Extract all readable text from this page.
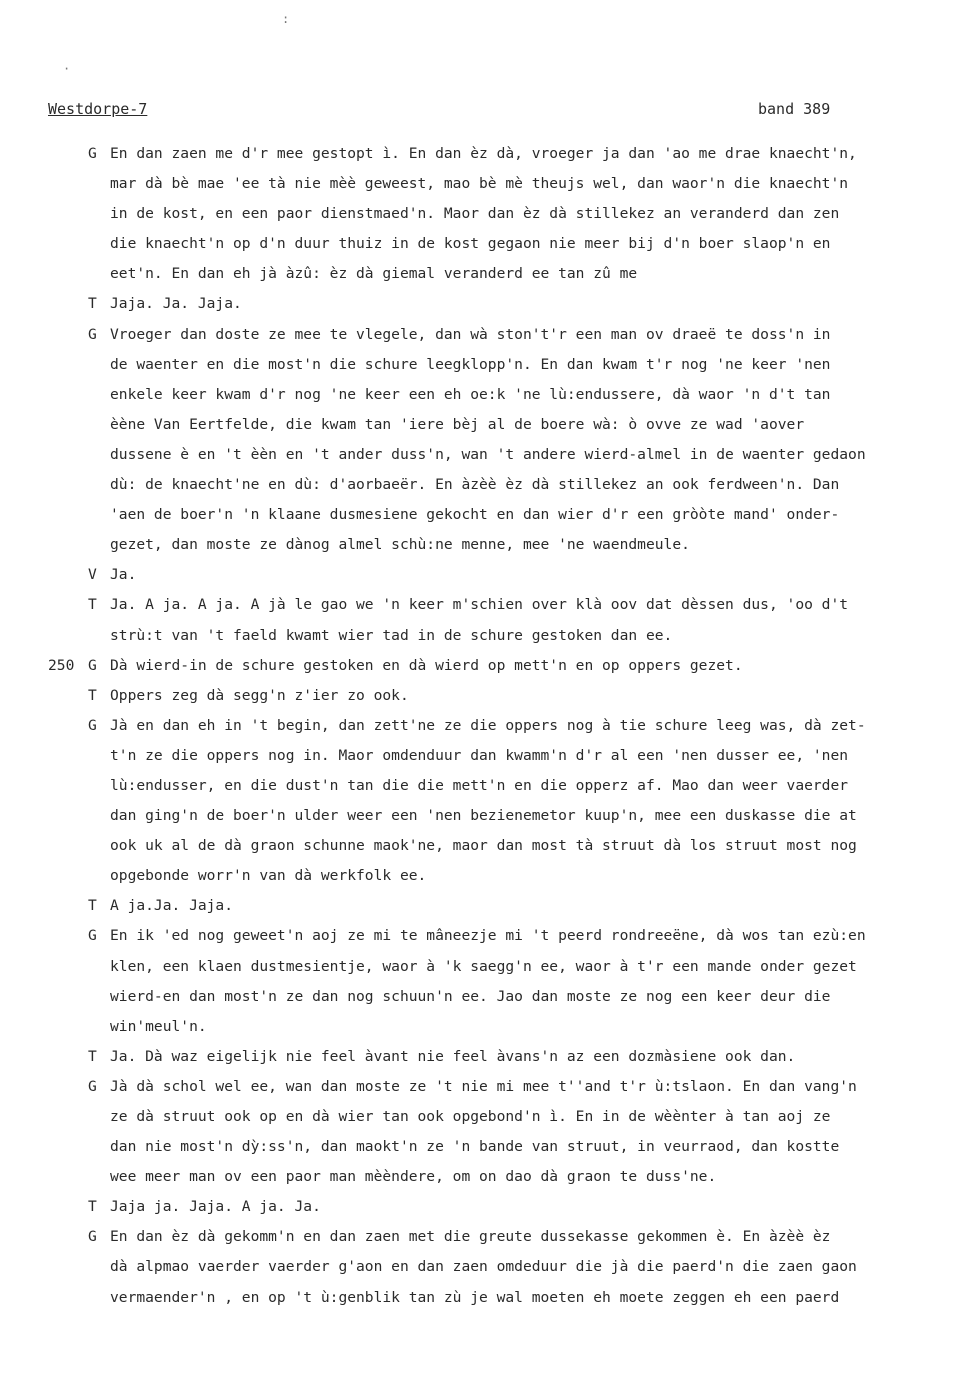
:
·
Westdorpe-7	band 389
G En dan zaen me d'r mee gestopt ì. En dan èz dà, vroeger ja dan 'ao me drae knaecht'n,
mar dà bè mae 'ee tà nie mèè geweest, mao bè mè theujs wel, dan waor'n die knaecht'n
in de kost, en een paor dienstmaed'n. Maor dan èz dà stillekez an veranderd dan zen
die knaecht'n op d'n duur thuiz in de kost gegaon nie meer bij d'n boer slaop'n en
eet'n. En dan eh jà àzû: èz dà giemal veranderd ee tan zû me
T Jaja. Ja. Jaja.
G Vroeger dan doste ze mee te vlegele, dan wà ston't'r een man ov draeë te doss'n in
de waenter en die most'n die schure leegklopp'n. En dan kwam t'r nog 'ne keer 'nen
enkele keer kwam d'r nog 'ne keer een eh oe:k 'ne lù:endussere, dà waor 'n d't tan
èène Van Eertfelde, die kwam tan 'iere bèj al de boere wà: ò ovve ze wad 'aover
dussene è en 't èèn en 't ander duss'n, wan 't andere wierd-almel in de waenter gedaon
dù: de knaecht'ne en dù: d'aorbaeër. En àzèè èz dà stillekez an ook ferdween'n. Dan
'aen de boer'n 'n klaane dusmesiene gekocht en dan wier d'r een gròòte mand' onder-
gezet, dan moste ze dànog almel schù:ne menne, mee 'ne waendmeule.
V Ja.
T Ja. A ja. A ja. A jà le gao we 'n keer m'schien over klà oov dat dèssen dus, 'oo d't
strù:t van 't faeld kwamt wier tad in de schure gestoken dan ee.
250 G Dà wierd-in de schure gestoken en dà wierd op mett'n en op oppers gezet.
T Oppers zeg dà segg'n z'ier zo ook.
G Jà en dan eh in 't begin, dan zett'ne ze die oppers nog à tie schure leeg was, dà zet-
t'n ze die oppers nog in. Maor omdenduur dan kwamm'n d'r al een 'nen dusser ee, 'nen
lù:endusser, en die dust'n tan die die mett'n en die opperz af. Mao dan weer vaerder
dan ging'n de boer'n ulder weer een 'nen bezienemetor kuup'n, mee een duskasse die at
ook uk al de dà graon schunne maok'ne, maor dan most tà struut dà los struut most nog
opgebonde worr'n van dà werkfolk ee.
T A ja.Ja. Jaja.
G En ik 'ed nog geweet'n aoj ze mi te mâneezje mi 't peerd rondreeëne, dà wos tan ezù:en
klen, een klaen dustmesientje, waor à 'k saegg'n ee, waor à t'r een mande onder gezet
wierd-en dan most'n ze dan nog schuun'n ee. Jao dan moste ze nog een keer deur die
win'meul'n.
T Ja. Dà waz eigelijk nie feel àvant nie feel àvans'n az een dozmàsiene ook dan.
G Jà dà schol wel ee, wan dan moste ze 't nie mi mee t''and t'r ù:tslaon. En dan vang'n
ze dà struut ook op en dà wier tan ook opgebond'n ì. En in de wèènter à tan aoj ze
dan nie most'n dỳ:ss'n, dan maokt'n ze 'n bande van struut, in veurraod, dan kostte
wee meer man ov een paor man mèèndere, om on dao dà graon te duss'ne.
T Jaja ja. Jaja. A ja. Ja.
G En dan èz dà gekomm'n en dan zaen met die greute dussekasse gekommen è. En àzèè èz
dà alpmao vaerder vaerder g'aon en dan zaen omdeduur die jà die paerd'n die zaen gaon
vermaender'n , en op 't ù:genblik tan zù je wal moeten eh moete zeggen eh een paerd
